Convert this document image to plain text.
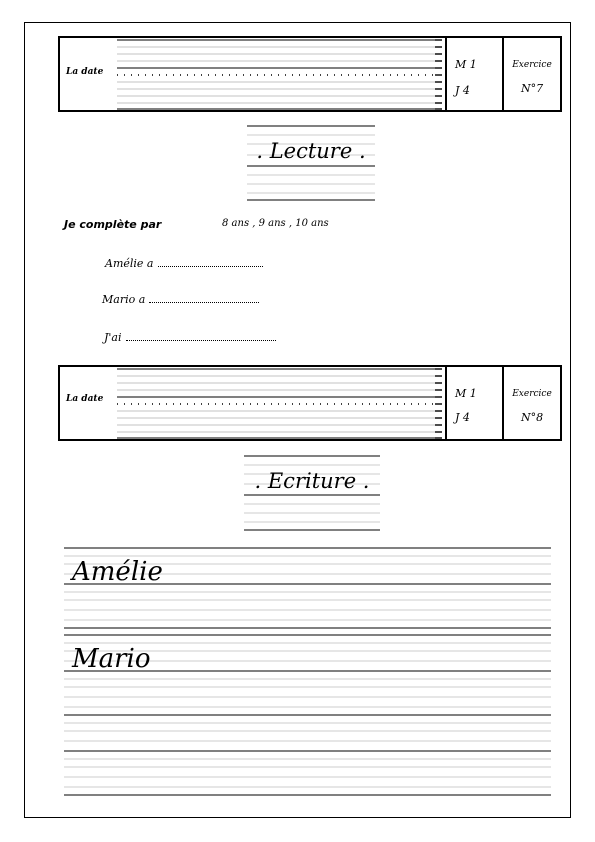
La date
M 1
J 4
Exercice
N°7
. Lecture .
Je complète par	8 ans , 9 ans , 10 ans
Amélie a
Mario a
J'ai
La date	M 1
J 4
Exercice
N°8
. Ecriture .
Amélie
Mario
